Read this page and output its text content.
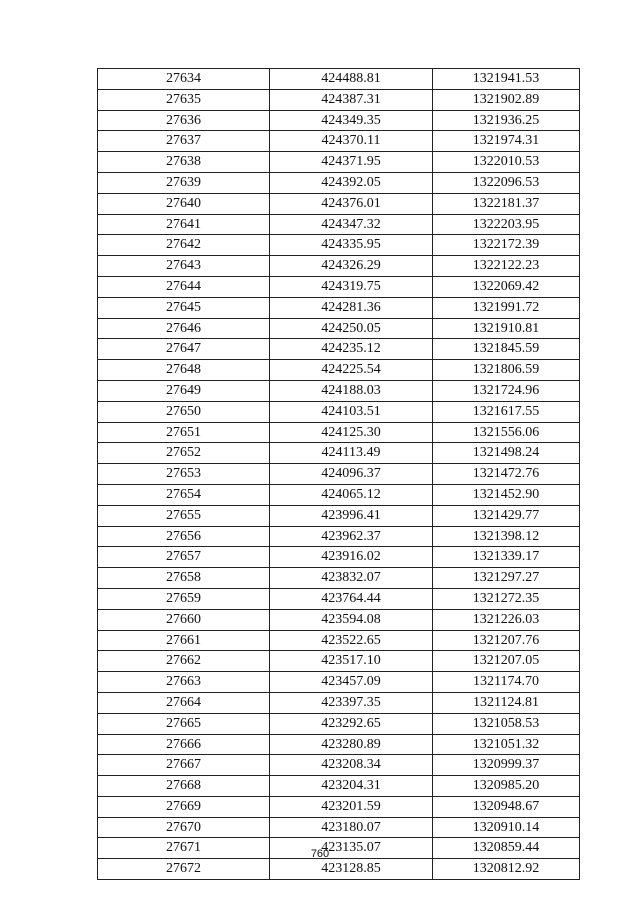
27634	424488.81	1321941.53
27635	424387.31	1321902.89
27636	424349.35	1321936.25
27637	424370.11	1321974.31
27638	424371.95	1322010.53
27639	424392.05	1322096.53
27640	424376.01	1322181.37
27641	424347.32	1322203.95
27642	424335.95	1322172.39
27643	424326.29	1322122.23
27644	424319.75	1322069.42
27645	424281.36	1321991.72
27646	424250.05	1321910.81
27647	424235.12	1321845.59
27648	424225.54	1321806.59
27649	424188.03	1321724.96
27650	424103.51	1321617.55
27651	424125.30	1321556.06
27652	424113.49	1321498.24
27653	424096.37	1321472.76
27654	424065.12	1321452.90
27655	423996.41	1321429.77
27656	423962.37	1321398.12
27657	423916.02	1321339.17
27658	423832.07	1321297.27
27659	423764.44	1321272.35
27660	423594.08	1321226.03
27661	423522.65	1321207.76
27662	423517.10	1321207.05
27663	423457.09	1321174.70
27664	423397.35	1321124.81
27665	423292.65	1321058.53
27666	423280.89	1321051.32
27667	423208.34	1320999.37
27668	423204.31	1320985.20
27669	423201.59	1320948.67
27670	423180.07	1320910.14
27671	423135.07	1320859.44
27672	423128.85	1320812.92
760
